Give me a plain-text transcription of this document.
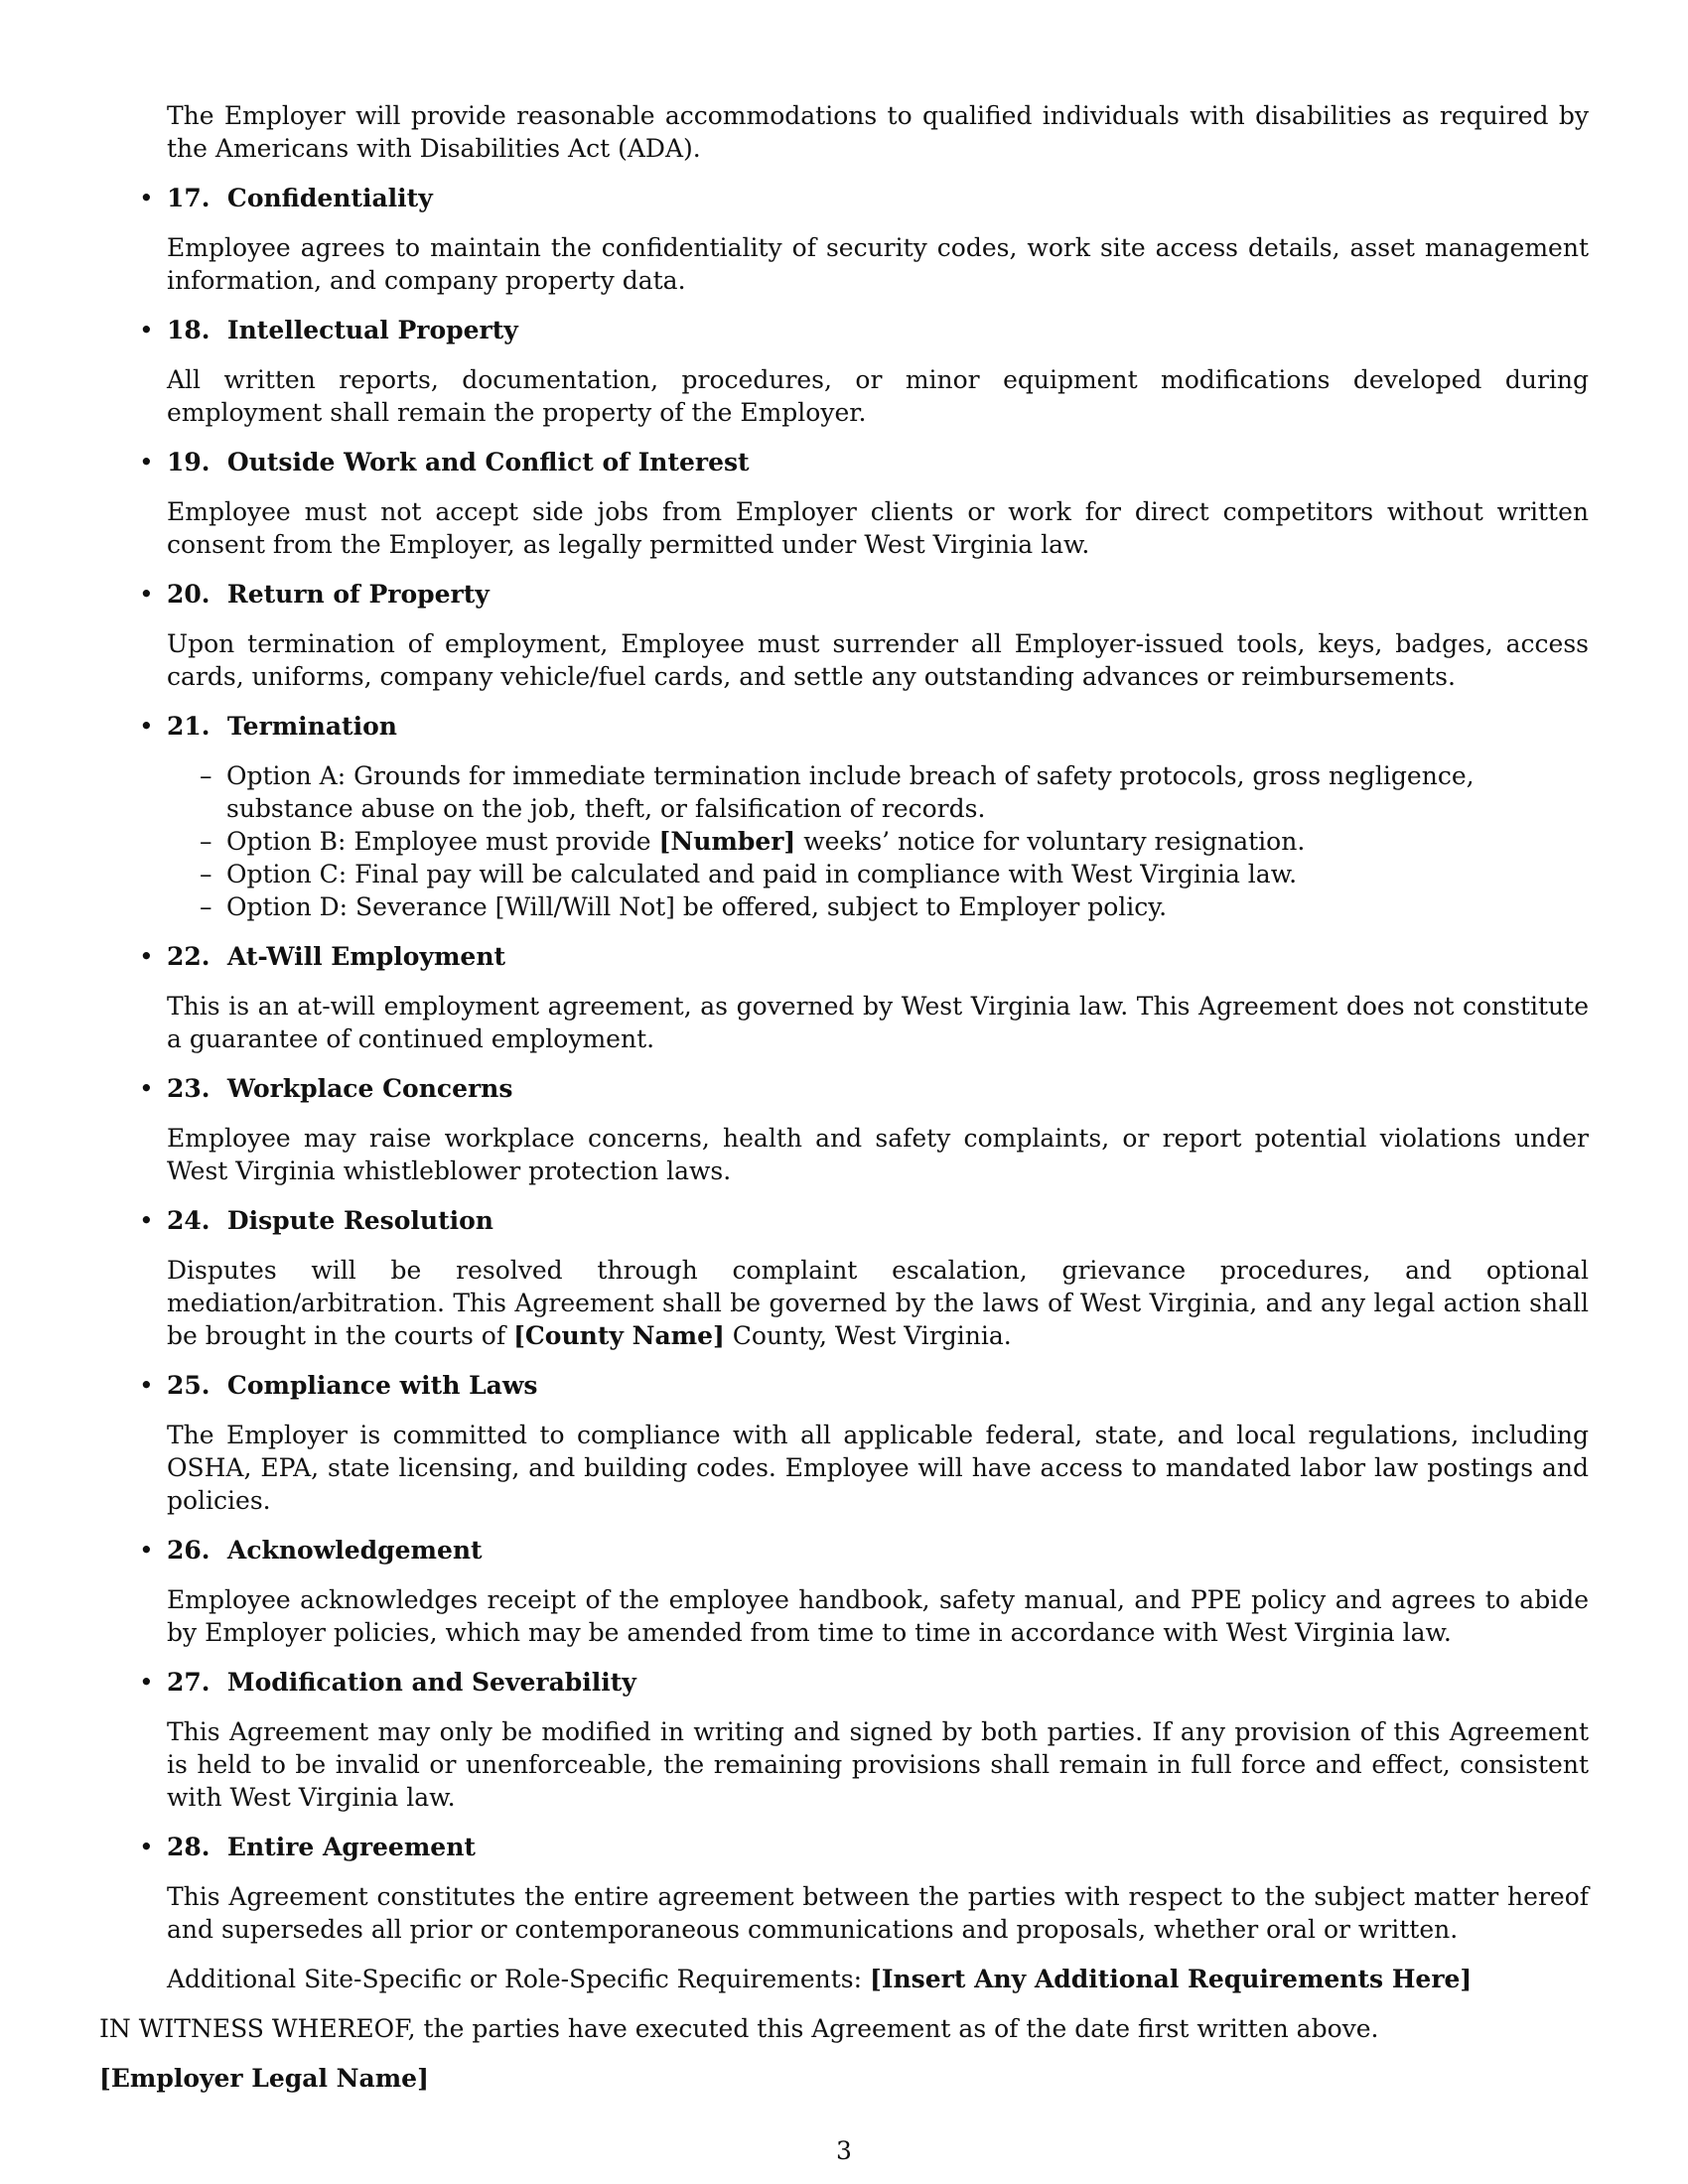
The Employer will provide reasonable accommodations to qualified individuals with disabilities as required by the Americans with Disabilities Act (ADA).

• 17. Confidentiality

Employee agrees to maintain the confidentiality of security codes, work site access details, asset management information, and company property data.

• 18. Intellectual Property

All written reports, documentation, procedures, or minor equipment modifications developed during employment shall remain the property of the Employer.

• 19. Outside Work and Conflict of Interest

Employee must not accept side jobs from Employer clients or work for direct competitors without written consent from the Employer, as legally permitted under West Virginia law.

• 20. Return of Property

Upon termination of employment, Employee must surrender all Employer-issued tools, keys, badges, access cards, uniforms, company vehicle/fuel cards, and settle any outstanding advances or reimbursements.

• 21. Termination

– Option A: Grounds for immediate termination include breach of safety protocols, gross negligence, substance abuse on the job, theft, or falsification of records.
– Option B: Employee must provide [Number] weeks’ notice for voluntary resignation.
– Option C: Final pay will be calculated and paid in compliance with West Virginia law.
– Option D: Severance [Will/Will Not] be offered, subject to Employer policy.
• 22. At-Will Employment

This is an at-will employment agreement, as governed by West Virginia law. This Agreement does not constitute a guarantee of continued employment.

• 23. Workplace Concerns

Employee may raise workplace concerns, health and safety complaints, or report potential violations under West Virginia whistleblower protection laws.

• 24. Dispute Resolution

Disputes will be resolved through complaint escalation, grievance procedures, and optional mediation/arbitration. This Agreement shall be governed by the laws of West Virginia, and any legal action shall be brought in the courts of [County Name] County, West Virginia.

• 25. Compliance with Laws

The Employer is committed to compliance with all applicable federal, state, and local regulations, including OSHA, EPA, state licensing, and building codes. Employee will have access to mandated labor law postings and policies.

• 26. Acknowledgement

Employee acknowledges receipt of the employee handbook, safety manual, and PPE policy and agrees to abide by Employer policies, which may be amended from time to time in accordance with West Virginia law.

• 27. Modification and Severability

This Agreement may only be modified in writing and signed by both parties. If any provision of this Agreement is held to be invalid or unenforceable, the remaining provisions shall remain in full force and effect, consistent with West Virginia law.

• 28. Entire Agreement

This Agreement constitutes the entire agreement between the parties with respect to the subject matter hereof and supersedes all prior or contemporaneous communications and proposals, whether oral or written.

Additional Site-Specific or Role-Specific Requirements: [Insert Any Additional Requirements Here]

IN WITNESS WHEREOF, the parties have executed this Agreement as of the date first written above.

[Employer Legal Name]

3
